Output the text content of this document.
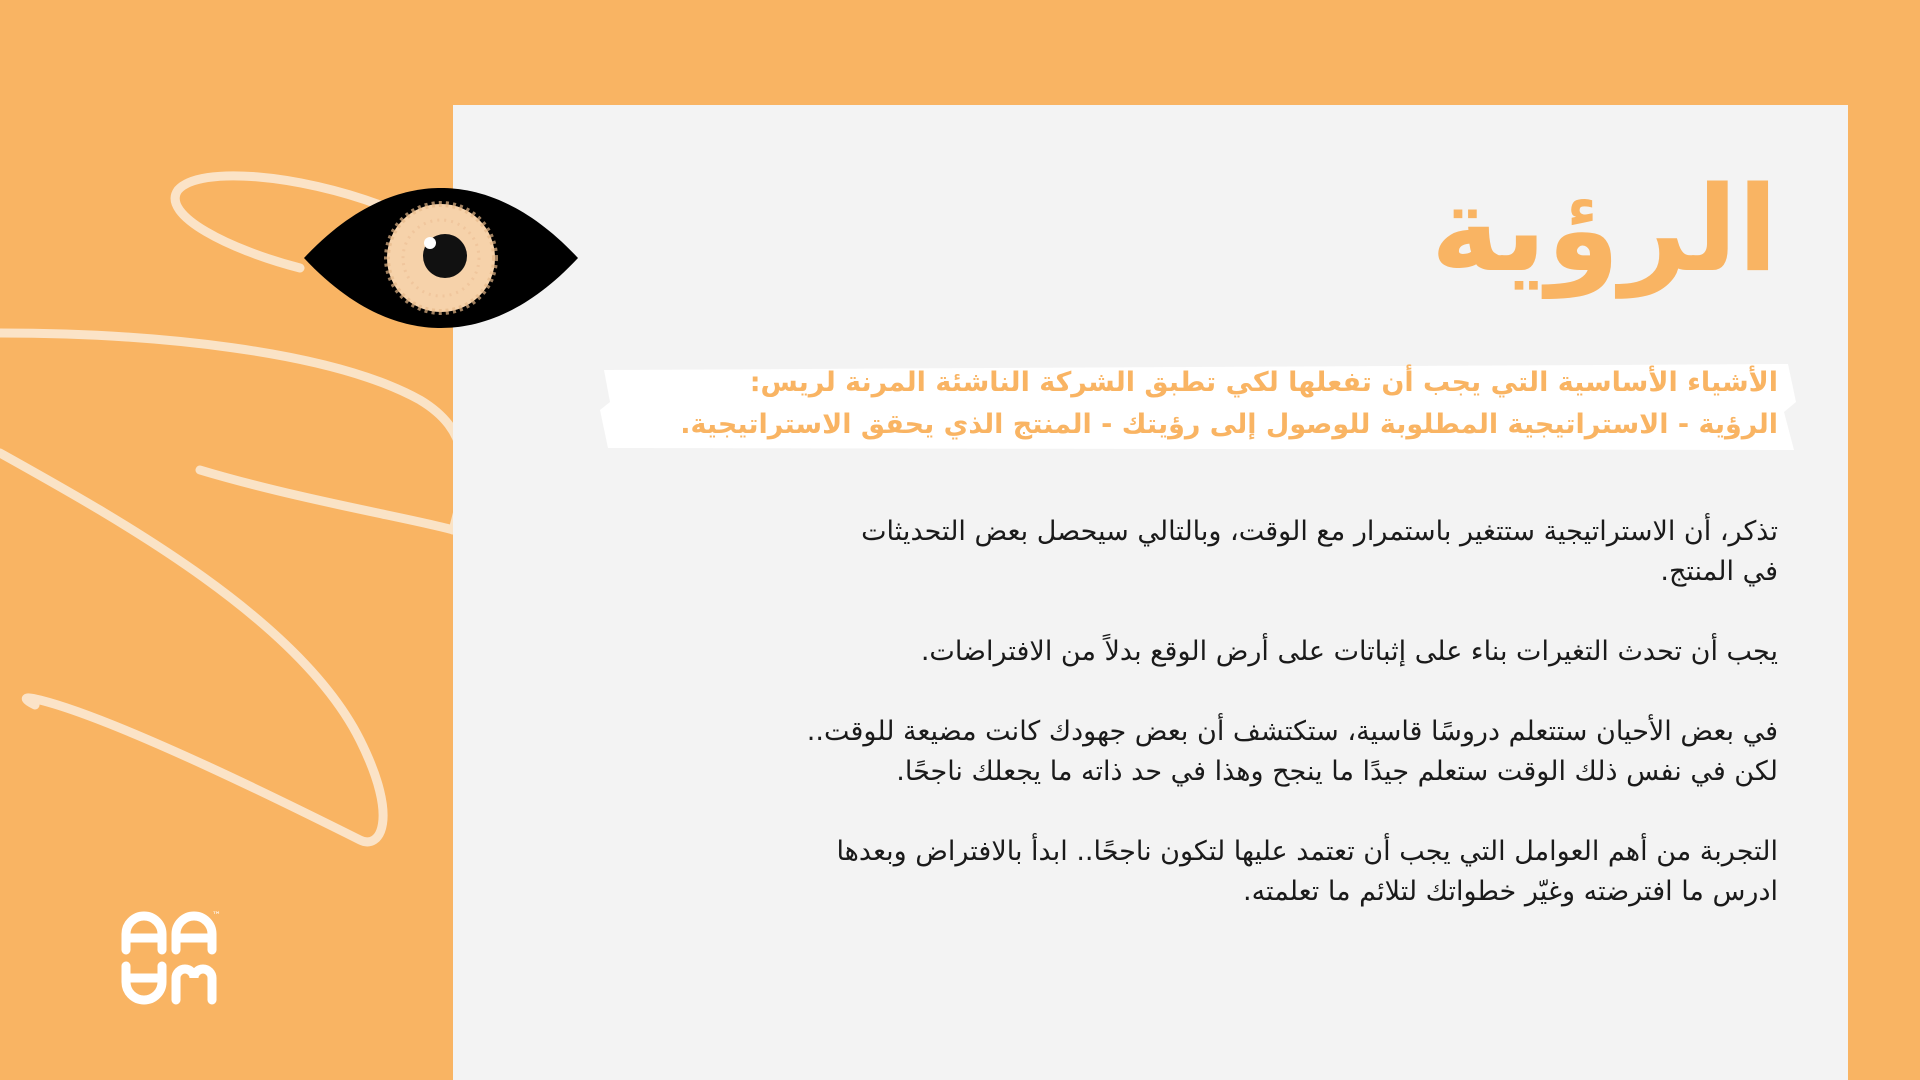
الرؤية
الأشياء الأساسية التي يجب أن تفعلها لكي تطبق الشركة الناشئة المرنة لريس:
الرؤية - الاستراتيجية المطلوبة للوصول إلى رؤيتك - المنتج الذي يحقق الاستراتيجية.

تذكر، أن الاستراتيجية ستتغير باستمرار مع الوقت، وبالتالي سيحصل بعض التحديثات
في المنتج.

يجب أن تحدث التغيرات بناء على إثباتات على أرض الوقع بدلاً من الافتراضات.

في بعض الأحيان ستتعلم دروسًا قاسية، ستكتشف أن بعض جهودك كانت مضيعة للوقت..
لكن في نفس ذلك الوقت ستعلم جيدًا ما ينجح وهذا في حد ذاته ما يجعلك ناجحًا.

التجربة من أهم العوامل التي يجب أن تعتمد عليها لتكون ناجحًا.. ابدأ بالافتراض وبعدها
ادرس ما افترضته وغيّر خطواتك لتلائم ما تعلمته.

™
